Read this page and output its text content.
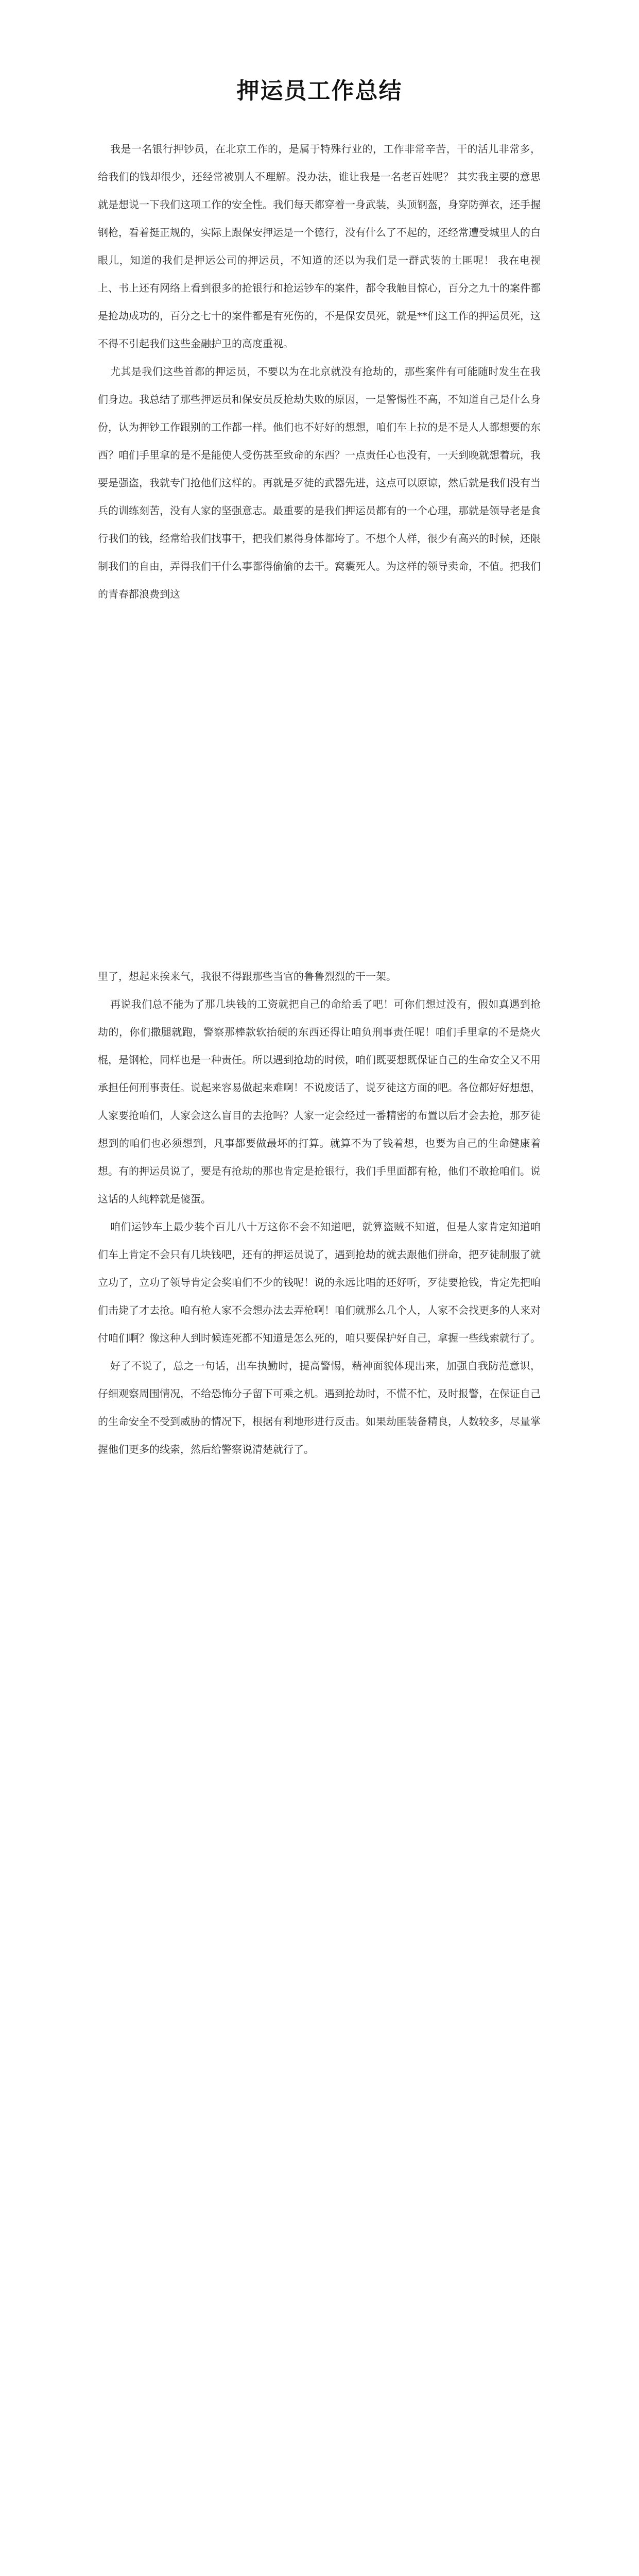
押运员工作总结

我是一名银行押钞员，在北京工作的，是属于特殊行业的，工作非常辛苦，干的活儿非常多，给我们的钱却很少，还经常被别人不理解。没办法，谁让我是一名老百姓呢？ 其实我主要的意思就是想说一下我们这项工作的安全性。我们每天都穿着一身武装，头顶钢盔，身穿防弹衣，还手握钢枪，看着挺正规的，实际上跟保安押运是一个德行，没有什么了不起的，还经常遭受城里人的白眼儿，知道的我们是押运公司的押运员，不知道的还以为我们是一群武装的土匪呢！ 我在电视上、书上还有网络上看到很多的抢银行和抢运钞车的案件，都令我触目惊心，百分之九十的案件都是抢劫成功的，百分之七十的案件都是有死伤的，不是保安员死，就是**们这工作的押运员死，这不得不引起我们这些金融护卫的高度重视。

尤其是我们这些首都的押运员，不要以为在北京就没有抢劫的，那些案件有可能随时发生在我们身边。我总结了那些押运员和保安员反抢劫失败的原因，一是警惕性不高，不知道自己是什么身份，认为押钞工作跟别的工作都一样。他们也不好好的想想，咱们车上拉的是不是人人都想要的东西？咱们手里拿的是不是能使人受伤甚至致命的东西？一点责任心也没有，一天到晚就想着玩，我要是强盗，我就专门抢他们这样的。再就是歹徒的武器先进，这点可以原谅，然后就是我们没有当兵的训练刻苦，没有人家的坚强意志。最重要的是我们押运员都有的一个心理，那就是领导老是食行我们的钱，经常给我们找事干，把我们累得身体都垮了。不想个人样，很少有高兴的时候，还限制我们的自由，弄得我们干什么事都得偷偷的去干。窝囊死人。为这样的领导卖命，不值。把我们的青春都浪费到这

里了，想起来挨来气，我很不得跟那些当官的鲁鲁烈烈的干一架。

再说我们总不能为了那几块钱的工资就把自己的命给丢了吧！可你们想过没有，假如真遇到抢劫的，你们撒腿就跑，警察那棒款软抬硬的东西还得让咱负刑事责任呢！咱们手里拿的不是烧火棍，是钢枪，同样也是一种责任。所以遇到抢劫的时候，咱们既要想既保证自己的生命安全又不用承担任何刑事责任。说起来容易做起来难啊！不说废话了，说歹徒这方面的吧。各位都好好想想，人家要抢咱们，人家会这么盲目的去抢吗？人家一定会经过一番精密的布置以后才会去抢，那歹徒想到的咱们也必须想到，凡事都要做最坏的打算。就算不为了钱着想，也要为自己的生命健康着想。有的押运员说了，要是有抢劫的那也肯定是抢银行，我们手里面都有枪，他们不敢抢咱们。说这话的人纯粹就是傻蛋。

咱们运钞车上最少装个百儿八十万这你不会不知道吧，就算盗贼不知道，但是人家肯定知道咱们车上肯定不会只有几块钱吧，还有的押运员说了，遇到抢劫的就去跟他们拼命，把歹徒制服了就立功了，立功了领导肯定会奖咱们不少的钱呢！说的永远比唱的还好听，歹徒要抢钱，肯定先把咱们击毙了才去抢。咱有枪人家不会想办法去弄枪啊！咱们就那么几个人，人家不会找更多的人来对付咱们啊？像这种人到时候连死都不知道是怎么死的，咱只要保护好自己，拿握一些线索就行了。

好了不说了，总之一句话，出车执勤时，提高警惕，精神面貌体现出来，加强自我防范意识，仔细观察周围情况，不给恐怖分子留下可乘之机。遇到抢劫时，不慌不忙，及时报警，在保证自己的生命安全不受到威胁的情况下，根据有利地形进行反击。如果劫匪装备精良，人数较多，尽量掌握他们更多的线索，然后给警察说清楚就行了。
